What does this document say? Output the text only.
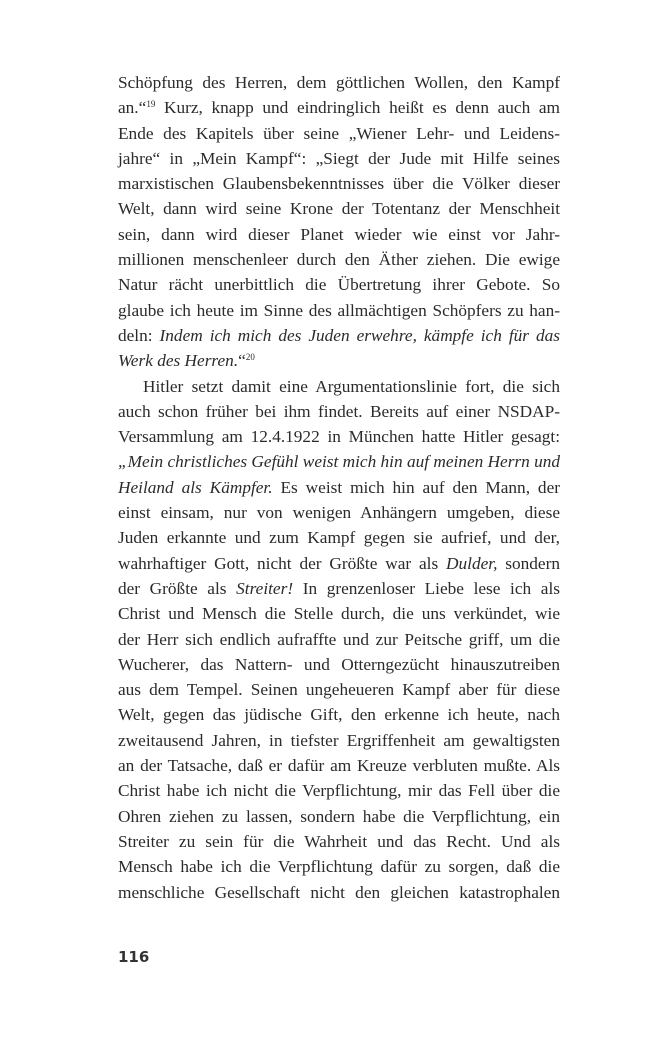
Schöpfung des Herren, dem göttlichen Wollen, den Kampf
an.“$^{19}$ Kurz, knapp und eindringlich heißt es denn auch am
Ende des Kapitels über seine „Wiener Lehr- und Leidens-
jahre“ in „Mein Kampf“: „Siegt der Jude mit Hilfe seines
marxistischen Glaubensbekenntnisses über die Völker dieser
Welt, dann wird seine Krone der Totentanz der Menschheit
sein, dann wird dieser Planet wieder wie einst vor Jahr-
millionen menschenleer durch den Äther ziehen. Die ewige
Natur rächt unerbittlich die Übertretung ihrer Gebote. So
glaube ich heute im Sinne des allmächtigen Schöpfers zu han-
deln: Indem ich mich des Juden erwehre, kämpfe ich für das
Werk des Herren.“$^{20}$
Hitler setzt damit eine Argumentationslinie fort, die sich
auch schon früher bei ihm findet. Bereits auf einer NSDAP-
Versammlung am 12.4.1922 in München hatte Hitler gesagt:
„Mein christliches Gefühl weist mich hin auf meinen Herrn und
Heiland als Kämpfer. Es weist mich hin auf den Mann, der
einst einsam, nur von wenigen Anhängern umgeben, diese
Juden erkannte und zum Kampf gegen sie aufrief, und der,
wahrhaftiger Gott, nicht der Größte war als Dulder, sondern
der Größte als Streiter! In grenzenloser Liebe lese ich als
Christ und Mensch die Stelle durch, die uns verkündet, wie
der Herr sich endlich aufraffte und zur Peitsche griff, um die
Wucherer, das Nattern- und Otterngezücht hinauszutreiben
aus dem Tempel. Seinen ungeheueren Kampf aber für diese
Welt, gegen das jüdische Gift, den erkenne ich heute, nach
zweitausend Jahren, in tiefster Ergriffenheit am gewaltigsten
an der Tatsache, daß er dafür am Kreuze verbluten mußte. Als
Christ habe ich nicht die Verpflichtung, mir das Fell über die
Ohren ziehen zu lassen, sondern habe die Verpflichtung, ein
Streiter zu sein für die Wahrheit und das Recht. Und als
Mensch habe ich die Verpflichtung dafür zu sorgen, daß die
menschliche Gesellschaft nicht den gleichen katastrophalen
116
